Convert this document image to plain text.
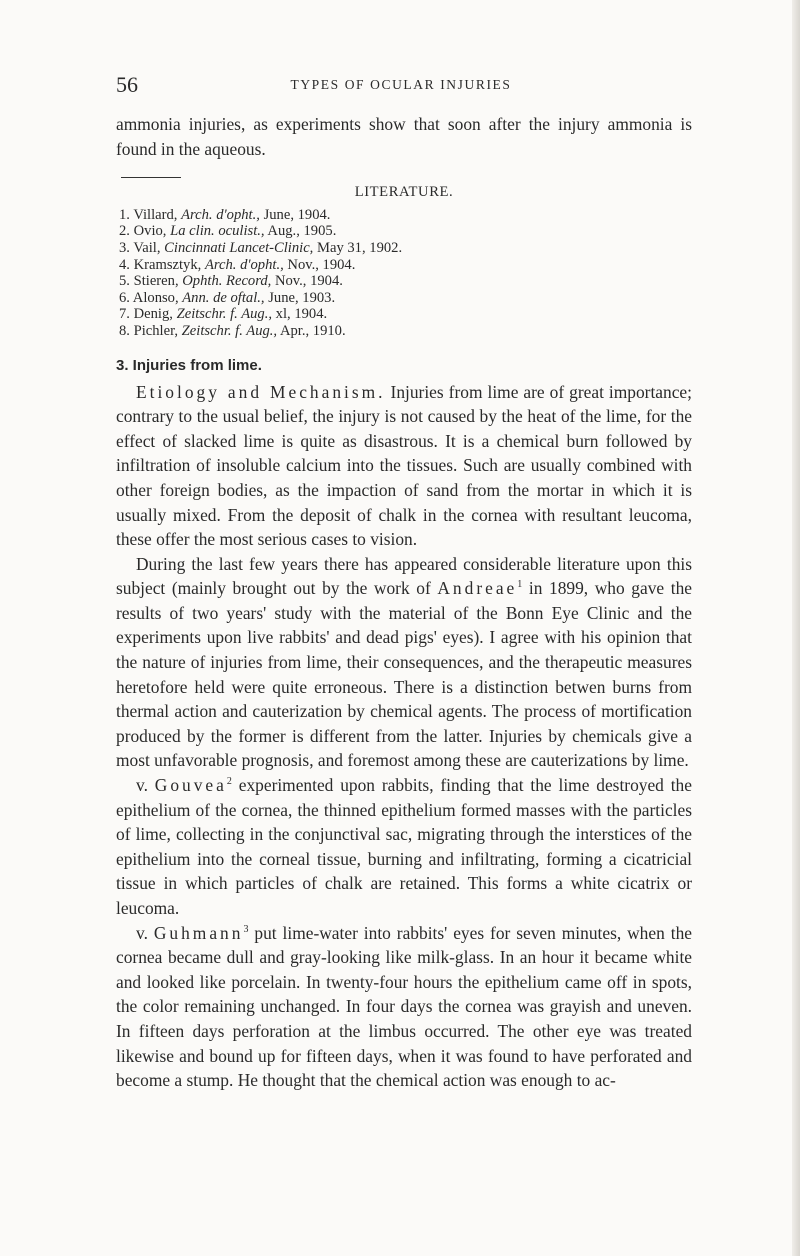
56	TYPES OF OCULAR INJURIES

ammonia injuries, as experiments show that soon after the injury ammonia is found in the aqueous.

LITERATURE.
1. Villard, Arch. d'opht., June, 1904.
2. Ovio, La clin. oculist., Aug., 1905.
3. Vail, Cincinnati Lancet-Clinic, May 31, 1902.
4. Kramsztyk, Arch. d'opht., Nov., 1904.
5. Stieren, Ophth. Record, Nov., 1904.
6. Alonso, Ann. de oftal., June, 1903.
7. Denig, Zeitschr. f. Aug., xl, 1904.
8. Pichler, Zeitschr. f. Aug., Apr., 1910.
3. Injuries from lime.

Etiology and Mechanism. Injuries from lime are of great importance; contrary to the usual belief, the injury is not caused by the heat of the lime, for the effect of slacked lime is quite as disastrous. It is a chemical burn followed by infiltration of insoluble calcium into the tissues. Such are usually combined with other foreign bodies, as the impaction of sand from the mortar in which it is usually mixed. From the deposit of chalk in the cornea with resultant leucoma, these offer the most serious cases to vision.

During the last few years there has appeared considerable literature upon this subject (mainly brought out by the work of Andreae$^1$ in 1899, who gave the results of two years' study with the material of the Bonn Eye Clinic and the experiments upon live rabbits' and dead pigs' eyes). I agree with his opinion that the nature of injuries from lime, their consequences, and the therapeutic measures heretofore held were quite erroneous. There is a distinction betwen burns from thermal action and cauterization by chemical agents. The process of mortification produced by the former is different from the latter. Injuries by chemicals give a most unfavorable prognosis, and foremost among these are cauterizations by lime.

v. Gouvea$^2$ experimented upon rabbits, finding that the lime destroyed the epithelium of the cornea, the thinned epithelium formed masses with the particles of lime, collecting in the conjunctival sac, migrating through the interstices of the epithelium into the corneal tissue, burning and infiltrating, forming a cicatricial tissue in which particles of chalk are retained. This forms a white cicatrix or leucoma.

v. Guhmann$^3$ put lime-water into rabbits' eyes for seven minutes, when the cornea became dull and gray-looking like milk-glass. In an hour it became white and looked like porcelain. In twenty-four hours the epithelium came off in spots, the color remaining unchanged. In four days the cornea was grayish and uneven. In fifteen days perforation at the limbus occurred. The other eye was treated likewise and bound up for fifteen days, when it was found to have perforated and become a stump. He thought that the chemical action was enough to ac-
